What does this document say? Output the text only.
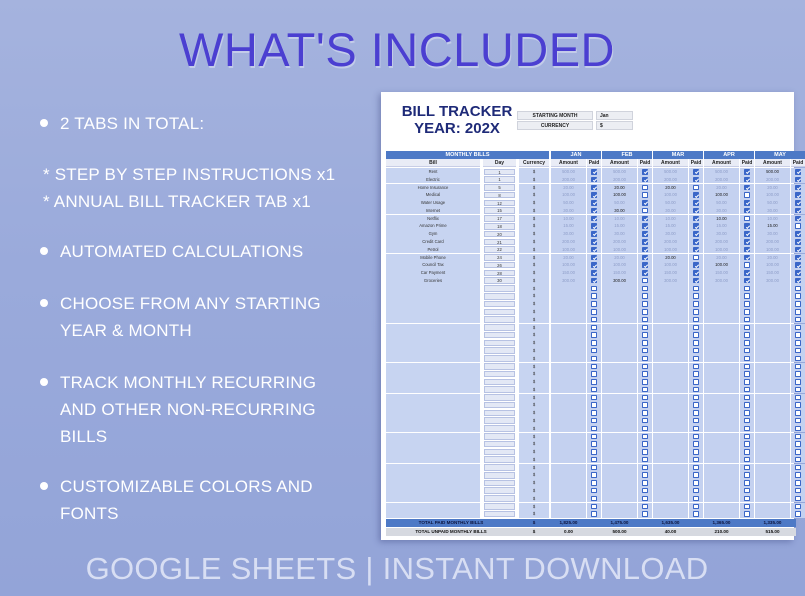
WHAT'S INCLUDED
2 TABS IN TOTAL:
* STEP BY STEP INSTRUCTIONS x1
* ANNUAL BILL TRACKER TAB x1
AUTOMATED CALCULATIONS
CHOOSE FROM ANY STARTING
YEAR & MONTH
TRACK MONTHLY RECURRING
AND OTHER NON-RECURRING
BILLS
CUSTOMIZABLE COLORS AND
FONTS
BILL TRACKER
YEAR: 202X
STARTING MONTH	Jan
CURRENCY	$
MONTHLY BILLS	JAN	FEB	MAR	APR	MAY
Bill	Day	Currency	Amount	Paid	Amount	Paid	Amount	Paid	Amount	Paid	Amount	Paid
Rent	1	$	500.00	500.00	500.00	500.00	500.00
Electric	1	$	200.00	200.00	200.00	200.00	200.00
Home Insurance	5	$	20.00	20.00	20.00	20.00	20.00
Medical	8	$	100.00	100.00	100.00	100.00	100.00
Water Usage	12	$	50.00	50.00	50.00	50.00	50.00
Internet	15	$	30.00	30.00	30.00	30.00	30.00
Netflix	17	$	10.00	10.00	10.00	10.00	10.00
Amazon Prime	18	$	15.00	15.00	15.00	15.00	15.00
Gym	20	$	30.00	30.00	30.00	30.00	30.00
Credit Card	21	$	200.00	200.00	200.00	200.00	200.00
Petrol	22	$	100.00	100.00	100.00	100.00	100.00
Mobile Phone	24	$	20.00	20.00	20.00	20.00	20.00
Council Tax	26	$	100.00	100.00	100.00	100.00	100.00
Car Payment	28	$	150.00	150.00	150.00	150.00	150.00
Groceries	30	$	300.00	300.00	300.00	300.00	300.00
$
$
$
$
$
$
$
$
$
$
$
$
$
$
$
$
$
$
$
$
$
$
$
$
$
$
$
$
$
$
TOTAL PAID MONTHLY BILLS	$	1,825.00	1,475.00	1,635.00	1,365.00	1,335.00
TOTAL UNPAID MONTHLY BILLS	$	0.00	500.00	40.00	210.00	515.00
GOOGLE SHEETS | INSTANT DOWNLOAD
